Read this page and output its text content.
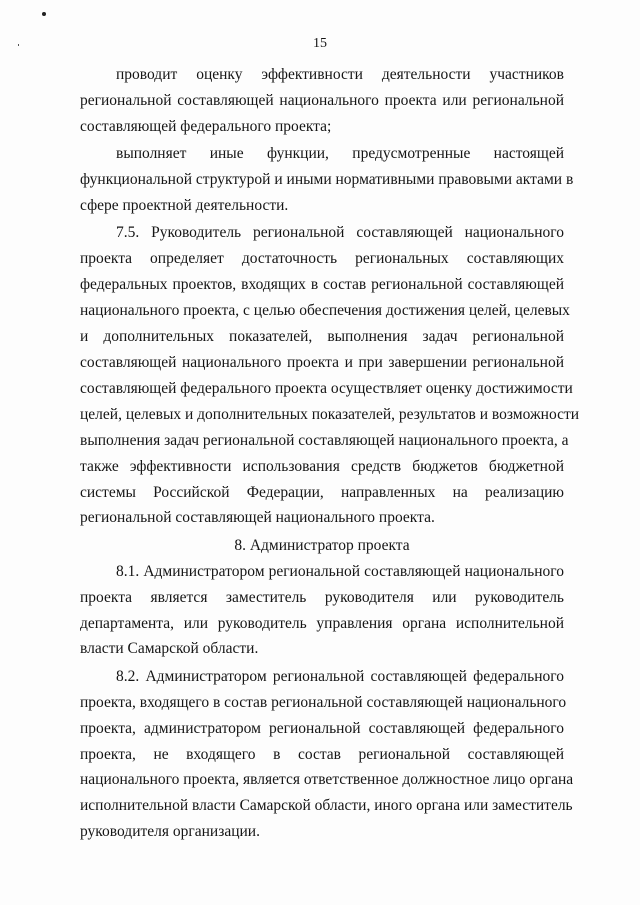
15
проводит оценку эффективности деятельности участников
региональной составляющей национального проекта или региональной
составляющей федерального проекта;
выполняет иные функции, предусмотренные настоящей
функциональной структурой и иными нормативными правовыми актами в
сфере проектной деятельности.
7.5. Руководитель региональной составляющей национального
проекта определяет достаточность региональных составляющих
федеральных проектов, входящих в состав региональной составляющей
национального проекта, с целью обеспечения достижения целей, целевых
и дополнительных показателей, выполнения задач региональной
составляющей национального проекта и при завершении региональной
составляющей федерального проекта осуществляет оценку достижимости
целей, целевых и дополнительных показателей, результатов и возможности
выполнения задач региональной составляющей национального проекта, а
также эффективности использования средств бюджетов бюджетной
системы Российской Федерации, направленных на реализацию
региональной составляющей национального проекта.
8. Администратор проекта
8.1. Администратором региональной составляющей национального
проекта является заместитель руководителя или руководитель
департамента, или руководитель управления органа исполнительной
власти Самарской области.
8.2. Администратором региональной составляющей федерального
проекта, входящего в состав региональной составляющей национального
проекта, администратором региональной составляющей федерального
проекта, не входящего в состав региональной составляющей
национального проекта, является ответственное должностное лицо органа
исполнительной власти Самарской области, иного органа или заместитель
руководителя организации.
